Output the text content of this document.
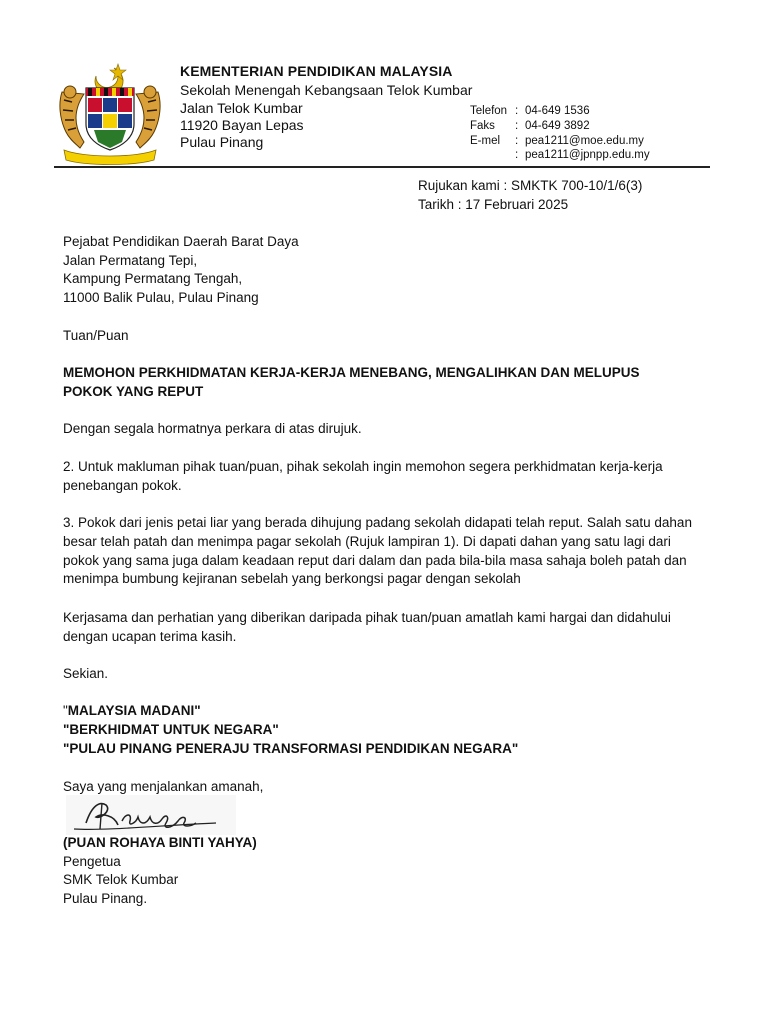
KEMENTERIAN PENDIDIKAN MALAYSIA
Sekolah Menengah Kebangsaan Telok Kumbar
Jalan Telok Kumbar
11920 Bayan Lepas
Pulau Pinang
Telefon : 04-649 1536
Faks : 04-649 3892
E-mel : pea1211@moe.edu.my
: pea1211@jpnpp.edu.my
Rujukan kami : SMKTK 700-10/1/6(3)
Tarikh : 17 Februari 2025
Pejabat Pendidikan Daerah Barat Daya
Jalan Permatang Tepi,
Kampung Permatang Tengah,
11000 Balik Pulau, Pulau Pinang
Tuan/Puan
MEMOHON PERKHIDMATAN KERJA-KERJA MENEBANG, MENGALIHKAN DAN MELUPUS
POKOK YANG REPUT
Dengan segala hormatnya perkara di atas dirujuk.
2. Untuk makluman pihak tuan/puan, pihak sekolah ingin memohon segera perkhidmatan kerja-kerja
penebangan pokok.
3. Pokok dari jenis petai liar yang berada dihujung padang sekolah didapati telah reput. Salah satu dahan
besar telah patah dan menimpa pagar sekolah (Rujuk lampiran 1). Di dapati dahan yang satu lagi dari
pokok yang sama juga dalam keadaan reput dari dalam dan pada bila-bila masa sahaja boleh patah dan
menimpa bumbung kejiranan sebelah yang berkongsi pagar dengan sekolah
Kerjasama dan perhatian yang diberikan daripada pihak tuan/puan amatlah kami hargai dan didahului
dengan ucapan terima kasih.
Sekian.
"MALAYSIA MADANI"
"BERKHIDMAT UNTUK NEGARA"
"PULAU PINANG PENERAJU TRANSFORMASI PENDIDIKAN NEGARA"
Saya yang menjalankan amanah,
(PUAN ROHAYA BINTI YAHYA)
Pengetua
SMK Telok Kumbar
Pulau Pinang.
